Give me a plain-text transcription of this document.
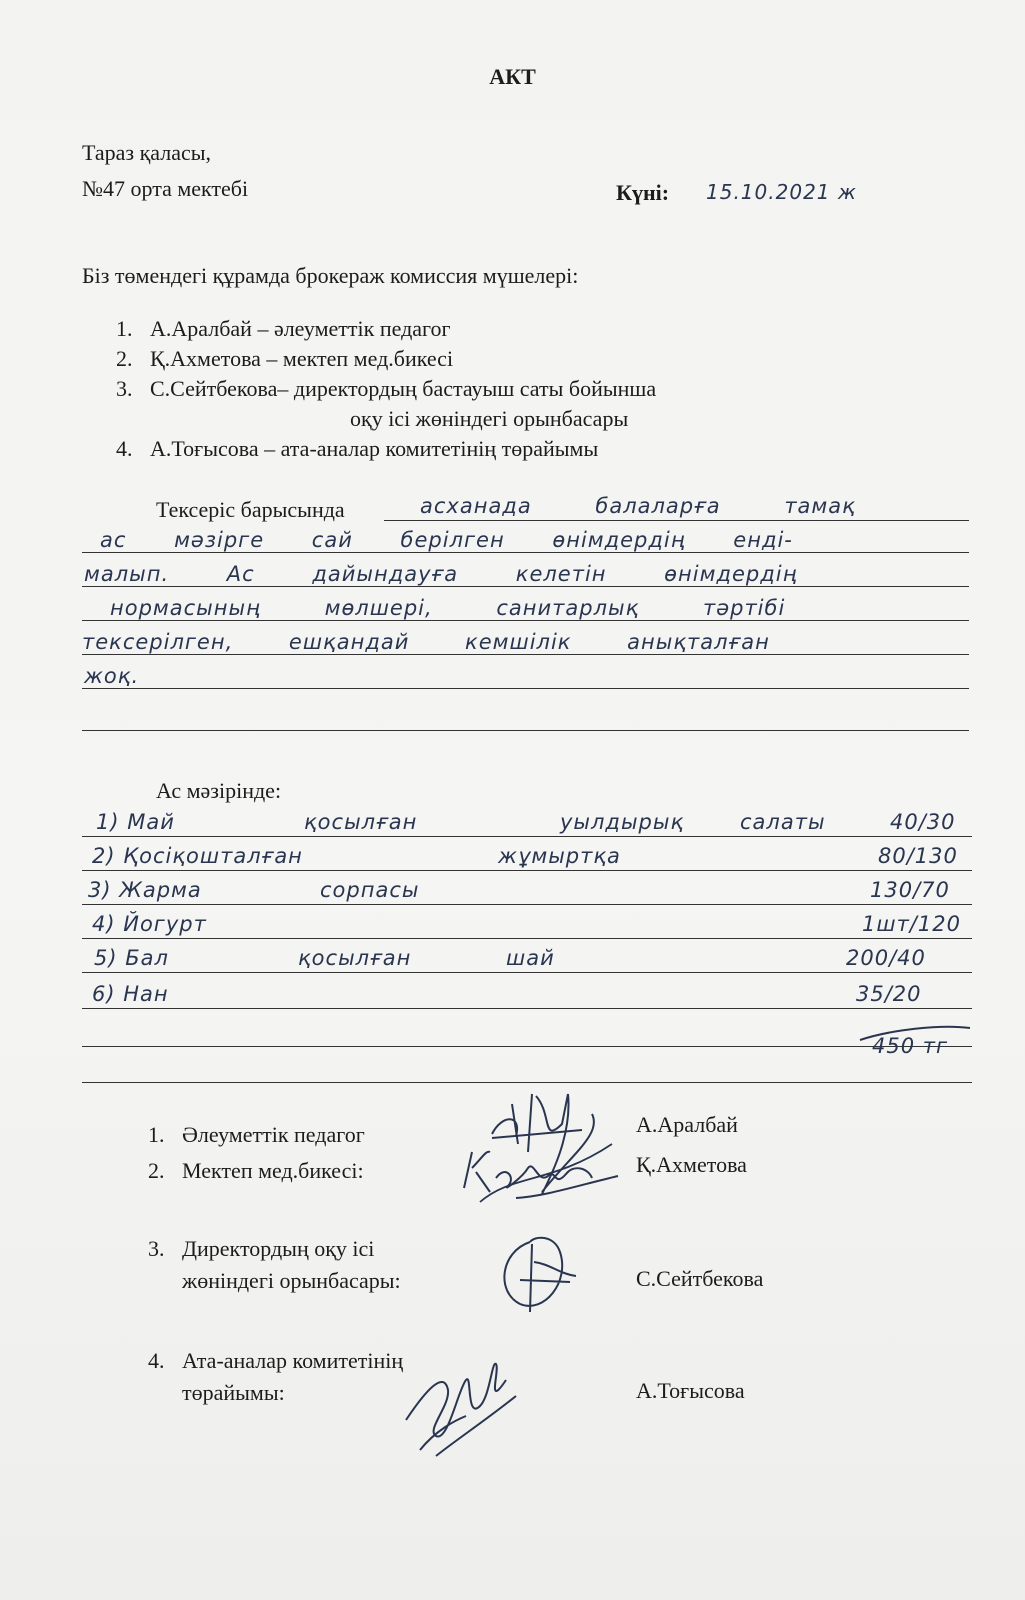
АКТ
Тараз қаласы,
№47 орта мектебі	Күні: 15.10.2021 ж
Біз төмендегі құрамда брокераж комиссия мүшелері:
1. А.Аралбай – әлеуметтік педагог
2. Қ.Ахметова – мектеп мед.бикесі
3. С.Сейтбекова– директордың бастауыш саты бойынша
оқу ісі жөніндегі орынбасары
4. А.Тоғысова – ата-аналар комитетінің төрайымы
Тексеріс барысында	асханада балаларға тамақ
ас мәзірге сай берілген өнімдердің енді-
малып. Ас дайындауға келетін өнімдердің
нормасының мөлшері, санитарлық тәртібі
тексерілген, ешқандай кемшілік анықталған
жоқ.
Ас мәзірінде:
1) Май	қосылған	уылдырық	салаты	40/30
2) Қосіқошталған	жұмыртқа	80/130
3) Жарма	сорпасы	130/70
4) Йогурт	1шт/120
5) Бал	қосылған	шай	200/40
6) Нан	35/20
450 тг
1. Әлеуметтік педагог	А.Аралбай
2. Мектеп мед.бикесі:	Қ.Ахметова
3. Директордың оқу ісі
жөніндегі орынбасары:	С.Сейтбекова
4. Ата-аналар комитетінің
төрайымы:	А.Тоғысова
